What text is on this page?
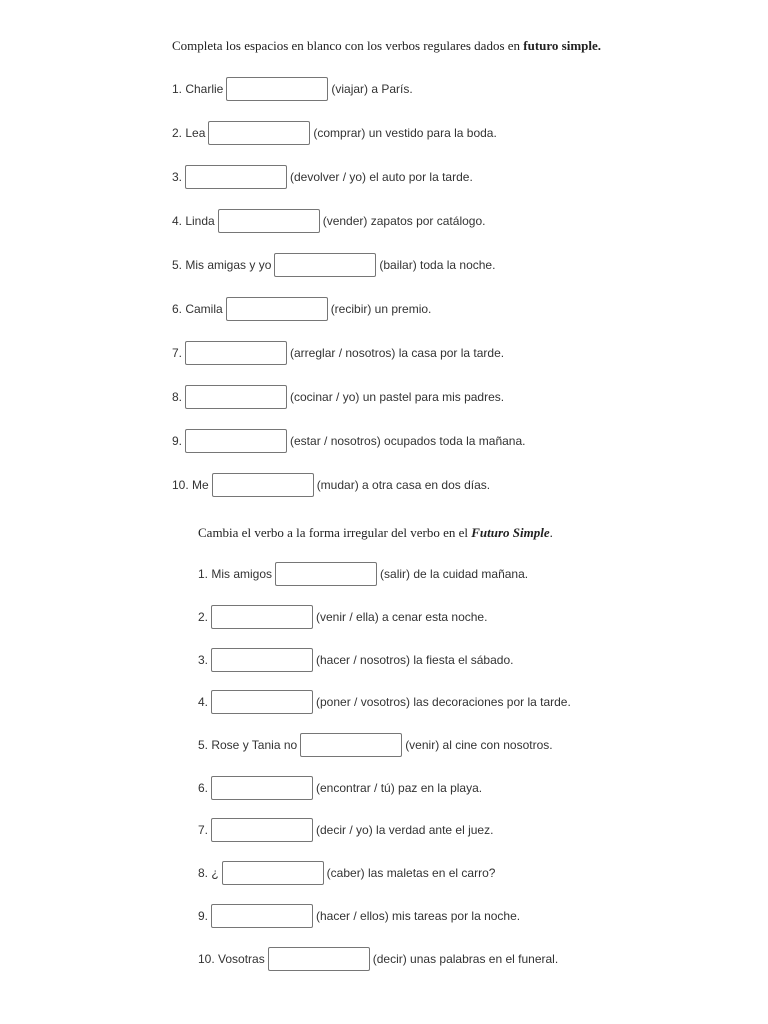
Completa los espacios en blanco con los verbos regulares dados en futuro simple.
1. Charlie	(viajar) a París.
2. Lea	(comprar) un vestido para la boda.
3.	(devolver / yo) el auto por la tarde.
4. Linda	(vender) zapatos por catálogo.
5. Mis amigas y yo	(bailar) toda la noche.
6. Camila	(recibir) un premio.
7.	(arreglar / nosotros) la casa por la tarde.
8.	(cocinar / yo) un pastel para mis padres.
9.	(estar / nosotros) ocupados toda la mañana.
10. Me	(mudar) a otra casa en dos días.
Cambia el verbo a la forma irregular del verbo en el Futuro Simple.
1. Mis amigos	(salir) de la cuidad mañana.
2.	(venir / ella) a cenar esta noche.
3.	(hacer / nosotros) la fiesta el sábado.
4.	(poner / vosotros) las decoraciones por la tarde.
5. Rose y Tania no	(venir) al cine con nosotros.
6.	(encontrar / tú) paz en la playa.
7.	(decir / yo) la verdad ante el juez.
8. ¿	(caber) las maletas en el carro?
9.	(hacer / ellos) mis tareas por la noche.
10. Vosotras	(decir) unas palabras en el funeral.
